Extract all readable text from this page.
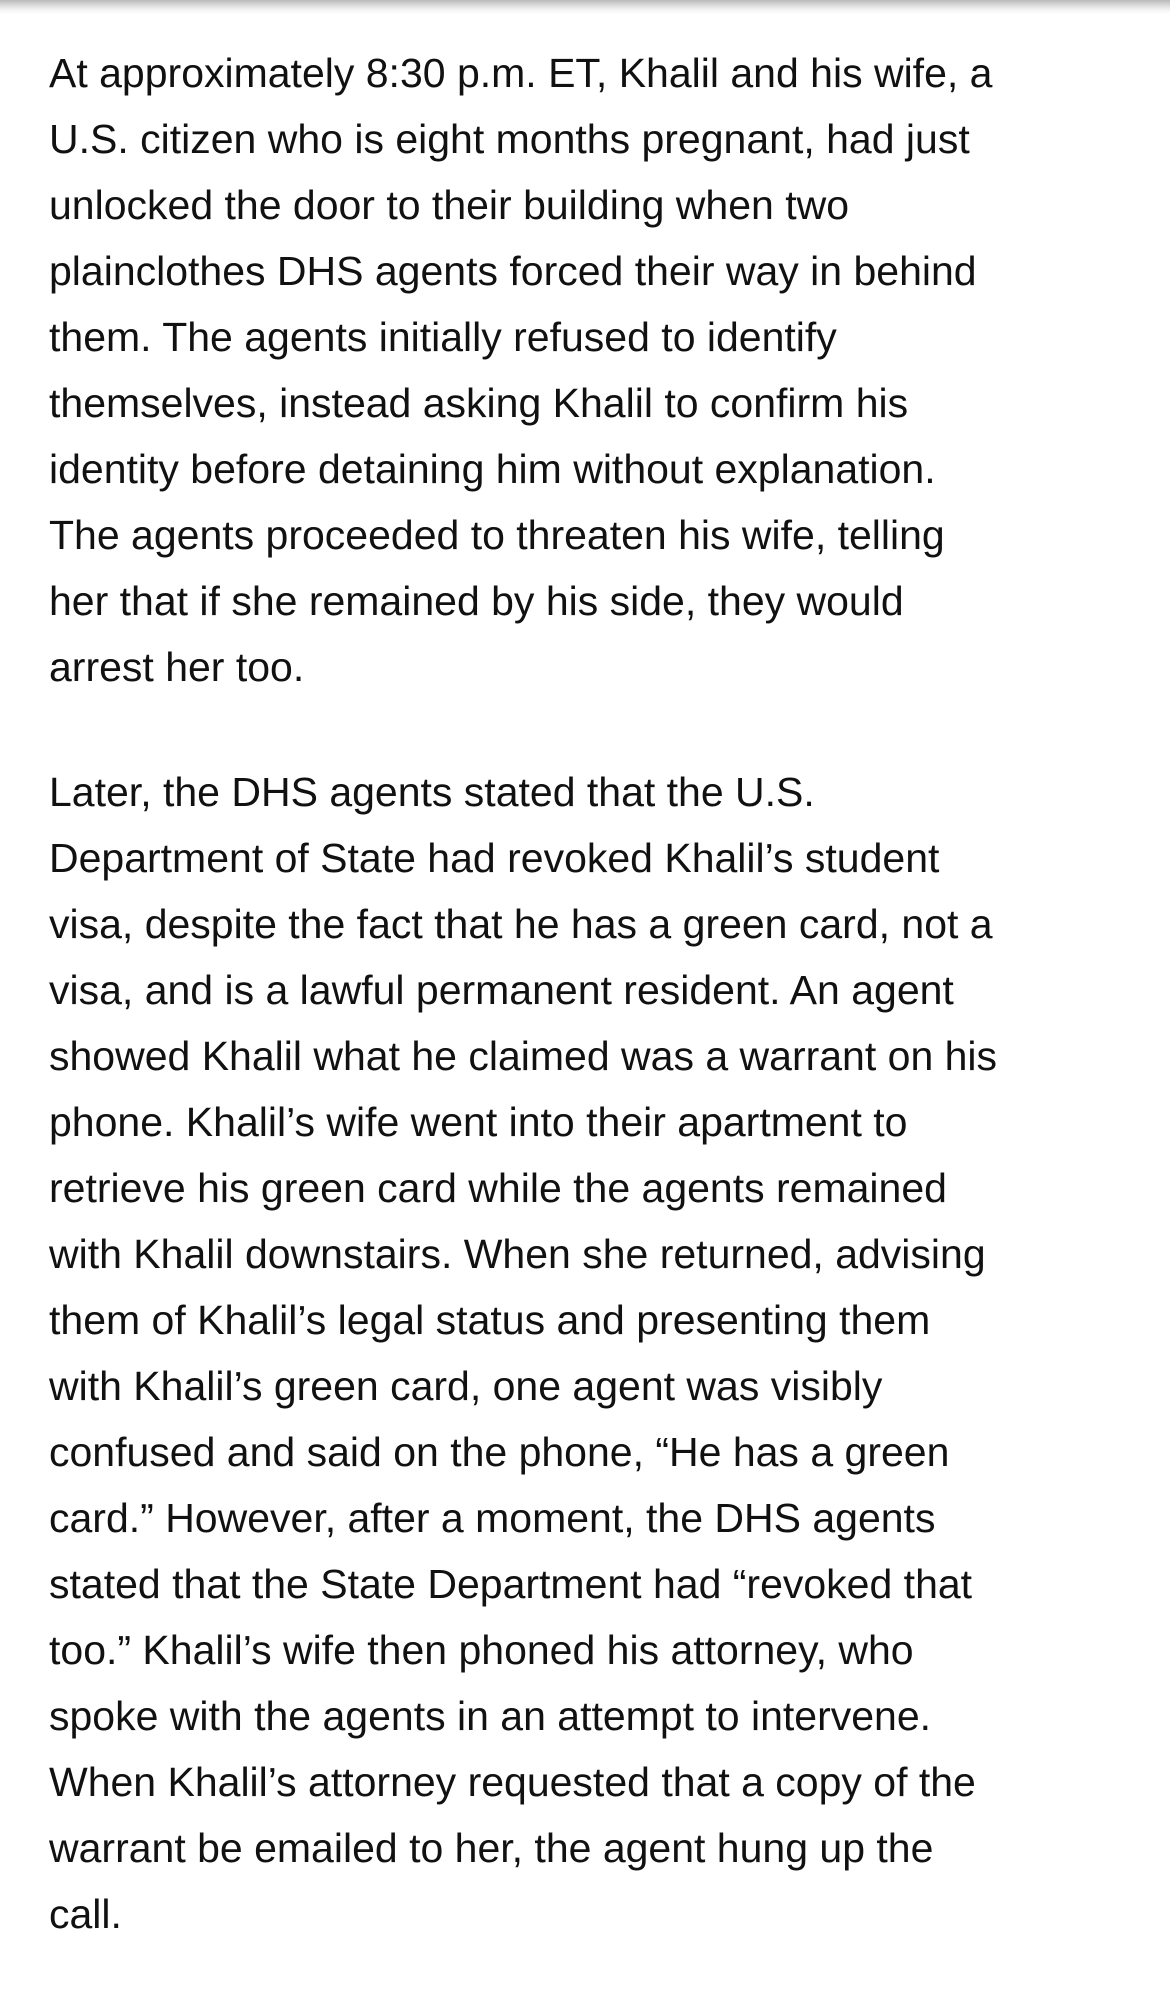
At approximately 8:30 p.m. ET, Khalil and his wife, a
U.S. citizen who is eight months pregnant, had just
unlocked the door to their building when two
plainclothes DHS agents forced their way in behind
them. The agents initially refused to identify
themselves, instead asking Khalil to confirm his
identity before detaining him without explanation.
The agents proceeded to threaten his wife, telling
her that if she remained by his side, they would
arrest her too.

Later, the DHS agents stated that the U.S.
Department of State had revoked Khalil’s student
visa, despite the fact that he has a green card, not a
visa, and is a lawful permanent resident. An agent
showed Khalil what he claimed was a warrant on his
phone. Khalil’s wife went into their apartment to
retrieve his green card while the agents remained
with Khalil downstairs. When she returned, advising
them of Khalil’s legal status and presenting them
with Khalil’s green card, one agent was visibly
confused and said on the phone, “He has a green
card.” However, after a moment, the DHS agents
stated that the State Department had “revoked that
too.” Khalil’s wife then phoned his attorney, who
spoke with the agents in an attempt to intervene.
When Khalil’s attorney requested that a copy of the
warrant be emailed to her, the agent hung up the
call.
